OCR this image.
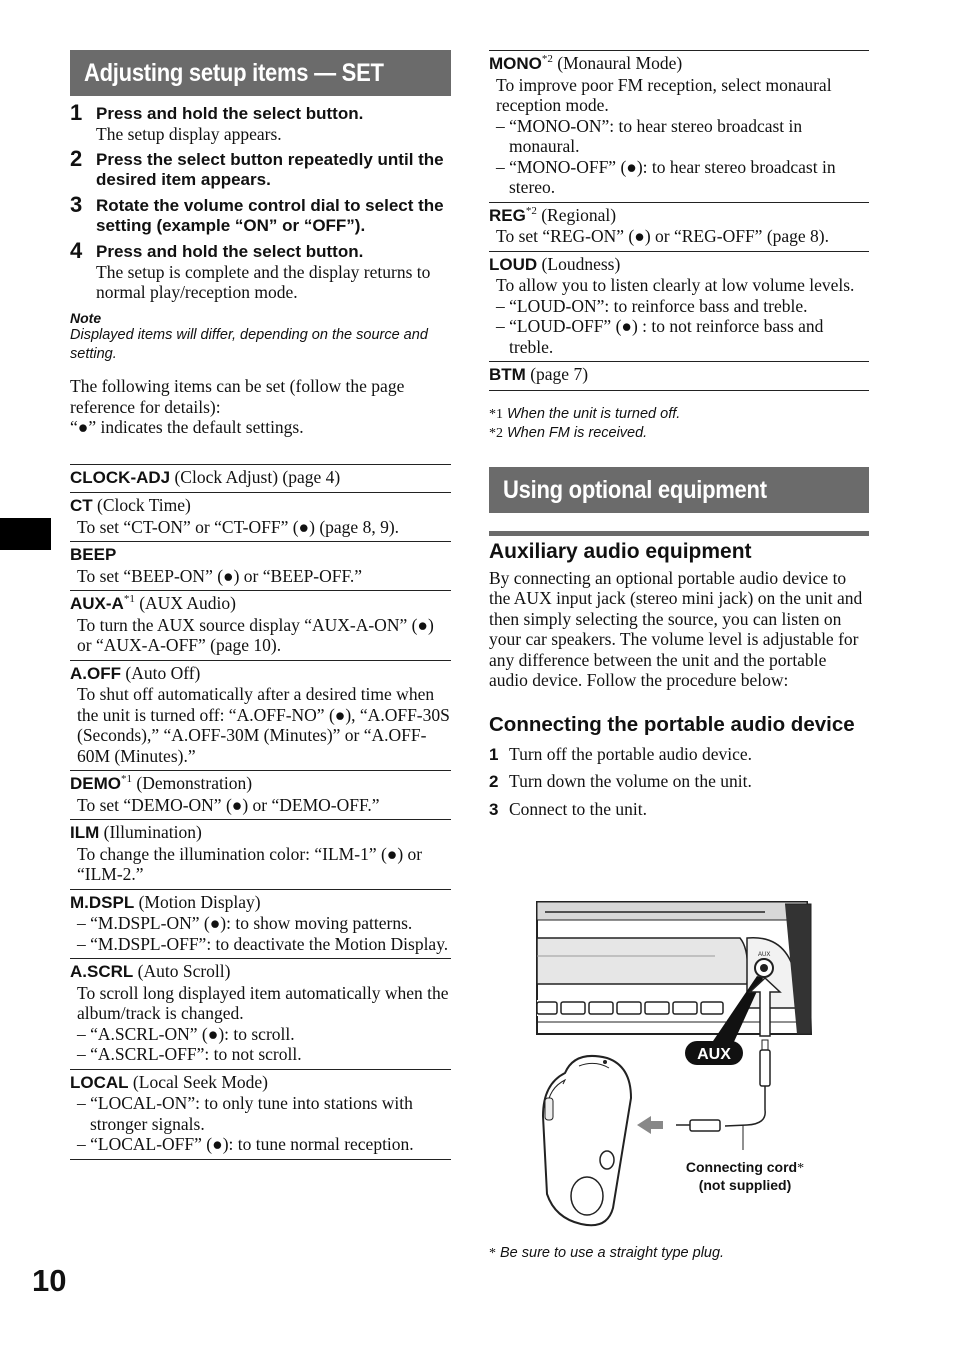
Adjusting setup items — SET
1 Press and hold the select button.
The setup display appears.
2 Press the select button repeatedly until the desired item appears.
3 Rotate the volume control dial to select the setting (example “ON” or “OFF”).
4 Press and hold the select button.
The setup is complete and the display returns to normal play/reception mode.
Note
Displayed items will differ, depending on the source and setting.
The following items can be set (follow the page reference for details):
“●” indicates the default settings.
CLOCK-ADJ (Clock Adjust) (page 4)
CT (Clock Time)
To set “CT-ON” or “CT-OFF” (●) (page 8, 9).
BEEP
To set “BEEP-ON” (●) or “BEEP-OFF.”
AUX-$A^{*1}$ (AUX Audio)
To turn the AUX source display “AUX-A-ON” (●) or “AUX-A-OFF” (page 10).
A.OFF (Auto Off)
To shut off automatically after a desired time when the unit is turned off: “A.OFF-NO” (●), “A.OFF-30S (Seconds),” “A.OFF-30M (Minutes)” or “A.OFF-60M (Minutes).”
DEMO$^{*1}$ (Demonstration)
To set “DEMO-ON” (●) or “DEMO-OFF.”
ILM (Illumination)
To change the illumination color: “ILM-1” (●) or “ILM-2.”
M.DSPL (Motion Display)
– “M.DSPL-ON” (●): to show moving patterns.
– “M.DSPL-OFF”: to deactivate the Motion Display.
A.SCRL (Auto Scroll)
To scroll long displayed item automatically when the album/track is changed.
– “A.SCRL-ON” (●): to scroll.
– “A.SCRL-OFF”: to not scroll.
LOCAL (Local Seek Mode)
– “LOCAL-ON”: to only tune into stations with stronger signals.
– “LOCAL-OFF” (●): to tune normal reception.
MONO$^{*2}$ (Monaural Mode)
To improve poor FM reception, select monaural reception mode.
– “MONO-ON”: to hear stereo broadcast in monaural.
– “MONO-OFF” (●): to hear stereo broadcast in stereo.
REG$^{*2}$ (Regional)
To set “REG-ON” (●) or “REG-OFF” (page 8).
LOUD (Loudness)
To allow you to listen clearly at low volume levels.
– “LOUD-ON”: to reinforce bass and treble.
– “LOUD-OFF” (●) : to not reinforce bass and treble.
BTM (page 7)
*1 When the unit is turned off.
*2 When FM is received.
Using optional equipment
Auxiliary audio equipment
By connecting an optional portable audio device to the AUX input jack (stereo mini jack) on the unit and then simply selecting the source, you can listen on your car speakers. The volume level is adjustable for any difference between the unit and the portable audio device. Follow the procedure below:
Connecting the portable audio device
1 Turn off the portable audio device.
2 Turn down the volume on the unit.
3 Connect to the unit.
AUX
AUX
Connecting cord*
(not supplied)
* Be sure to use a straight type plug.
10
